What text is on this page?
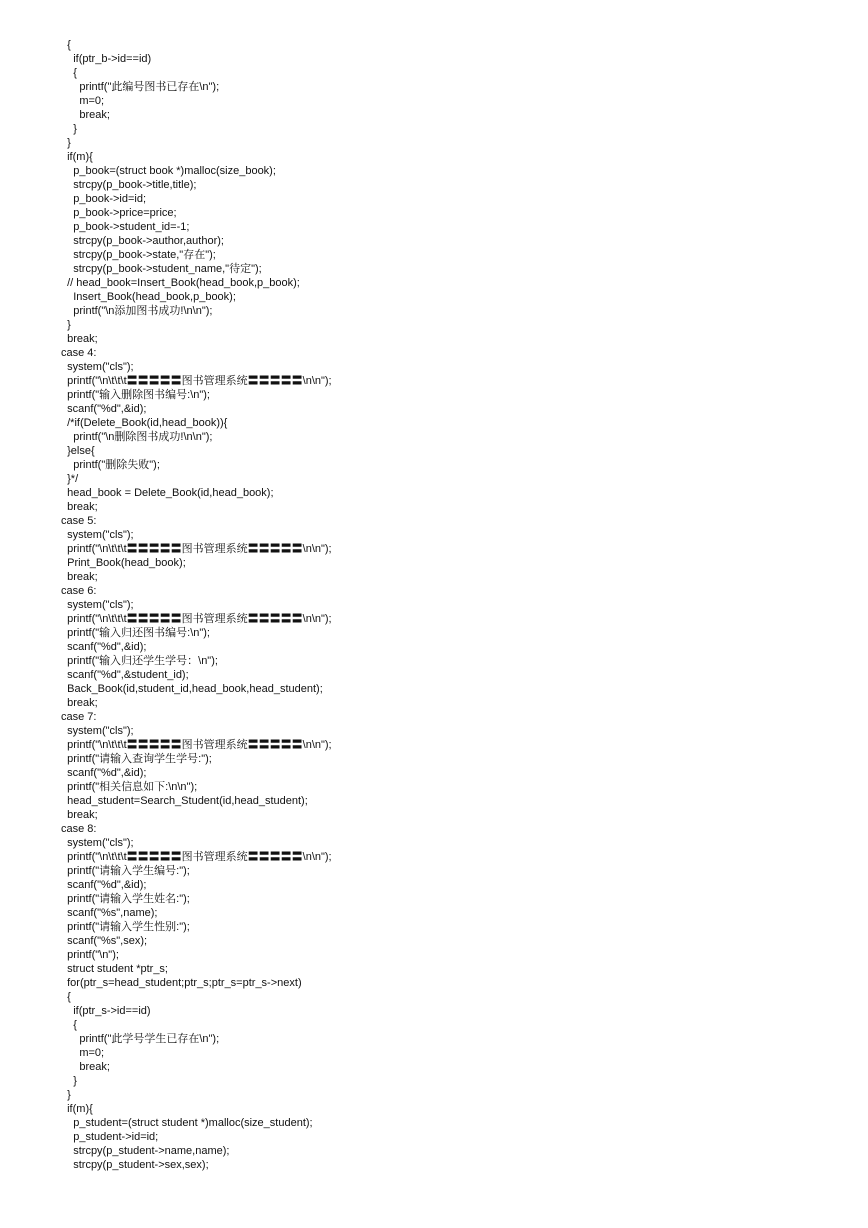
{
if(ptr_b->id==id)
{
printf("此编号图书已存在\n");
m=0;
break;
}
}
if(m){
p_book=(struct book *)malloc(size_book);
strcpy(p_book->title,title);
p_book->id=id;
p_book->price=price;
p_book->student_id=-1;
strcpy(p_book->author,author);
strcpy(p_book->state,"存在");
strcpy(p_book->student_name,"待定");
// head_book=Insert_Book(head_book,p_book);
Insert_Book(head_book,p_book);
printf("\n添加图书成功!\n\n");
}
break;
case 4:
system("cls");
printf("\n\t\t\t〓〓〓〓〓图书管理系统〓〓〓〓〓\n\n");
printf("输入删除图书编号:\n");
scanf("%d",&id);
/*if(Delete_Book(id,head_book)){
printf("\n删除图书成功!\n\n");
}else{
printf("删除失败");
}*/
head_book = Delete_Book(id,head_book);
break;
case 5:
system("cls");
printf("\n\t\t\t〓〓〓〓〓图书管理系统〓〓〓〓〓\n\n");
Print_Book(head_book);
break;
case 6:
system("cls");
printf("\n\t\t\t〓〓〓〓〓图书管理系统〓〓〓〓〓\n\n");
printf("输入归还图书编号:\n");
scanf("%d",&id);
printf("输入归还学生学号：\n");
scanf("%d",&student_id);
Back_Book(id,student_id,head_book,head_student);
break;
case 7:
system("cls");
printf("\n\t\t\t〓〓〓〓〓图书管理系统〓〓〓〓〓\n\n");
printf("请输入查询学生学号:");
scanf("%d",&id);
printf("相关信息如下:\n\n");
head_student=Search_Student(id,head_student);
break;
case 8:
system("cls");
printf("\n\t\t\t〓〓〓〓〓图书管理系统〓〓〓〓〓\n\n");
printf("请输入学生编号:");
scanf("%d",&id);
printf("请输入学生姓名:");
scanf("%s",name);
printf("请输入学生性别:");
scanf("%s",sex);
printf("\n");
struct student *ptr_s;
for(ptr_s=head_student;ptr_s;ptr_s=ptr_s->next)
{
if(ptr_s->id==id)
{
printf("此学号学生已存在\n");
m=0;
break;
}
}
if(m){
p_student=(struct student *)malloc(size_student);
p_student->id=id;
strcpy(p_student->name,name);
strcpy(p_student->sex,sex);
